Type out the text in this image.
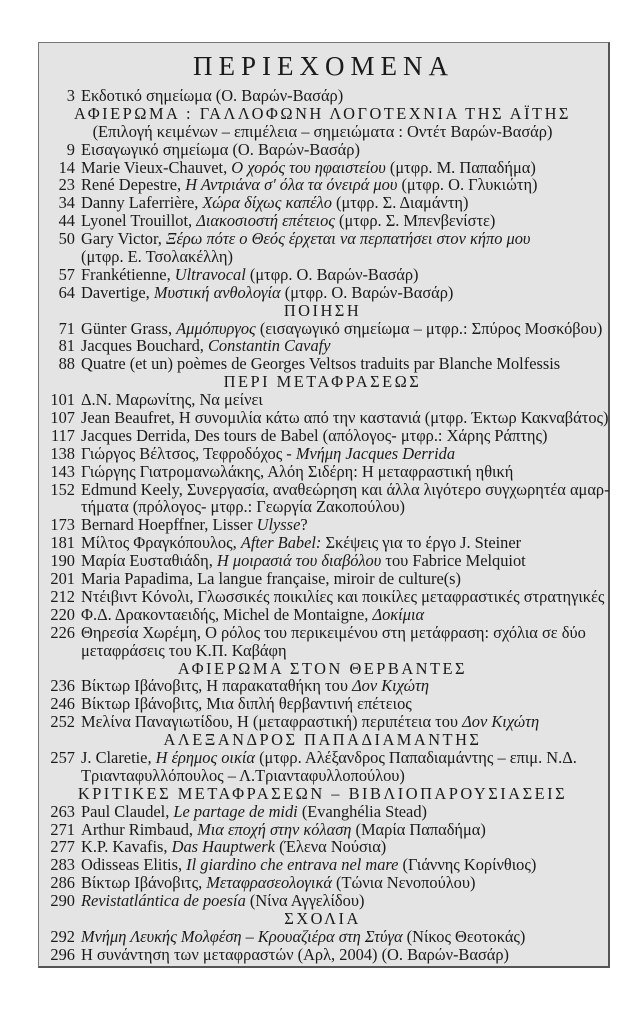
ΠΕΡΙΕΧΟΜΕΝΑ
3 Εκδοτικό σημείωμα (Ο. Βαρών-Βασάρ)
ΑΦΙΕΡΩΜΑ : ΓΑΛΛΟΦΩΝΗ ΛΟΓΟΤΕΧΝΙΑ ΤΗΣ ΑΪΤΗΣ
(Επιλογή κειμένων – επιμέλεια – σημειώματα : Οντέτ Βαρών-Βασάρ)
9 Εισαγωγικό σημείωμα (Ο. Βαρών-Βασάρ)
14 Marie Vieux-Chauvet, Ο χορός του ηφαιστείου (μτφρ. Μ. Παπαδήμα)
23 René Depestre, Η Αντριάνα σ' όλα τα όνειρά μου (μτφρ. Ο. Γλυκιώτη)
34 Danny Laferrière, Χώρα δίχως καπέλο (μτφρ. Σ. Διαμάντη)
44 Lyonel Trouillot, Διακοσιοστή επέτειος (μτφρ. Σ. Μπενβενίστε)
50 Gary Victor, Ξέρω πότε ο Θεός έρχεται να περπατήσει στον κήπο μου
(μτφρ. Ε. Τσολακέλλη)
57 Frankétienne, Ultravocal (μτφρ. Ο. Βαρών-Βασάρ)
64 Davertige, Μυστική ανθολογία (μτφρ. Ο. Βαρών-Βασάρ)
ΠΟΙΗΣΗ
71 Günter Grass, Αμμόπυργος (εισαγωγικό σημείωμα – μτφρ.: Σπύρος Μοσκόβου)
81 Jacques Bouchard, Constantin Cavafy
88 Quatre (et un) poèmes de Georges Veltsos traduits par Blanche Molfessis
ΠΕΡΙ ΜΕΤΑΦΡΑΣΕΩΣ
101 Δ.Ν. Μαρωνίτης, Να μείνει
107 Jean Beaufret, Η συνομιλία κάτω από την καστανιά (μτφρ. Έκτωρ Κακναβάτος)
117 Jacques Derrida, Des tours de Babel (απόλογος- μτφρ.: Χάρης Ράπτης)
138 Γιώργος Βέλτσος, Τεφροδόχος - Μνήμη Jacques Derrida
143 Γιώργης Γιατρομανωλάκης, Αλόη Σιδέρη: Η μεταφραστική ηθική
152 Edmund Keely, Συνεργασία, αναθεώρηση και άλλα λιγότερο συγχωρητέα αμαρ-
τήματα (πρόλογος- μτφρ.: Γεωργία Ζακοπούλου)
173 Bernard Hoepffner, Lisser Ulysse?
181 Μίλτος Φραγκόπουλος, After Babel: Σκέψεις για το έργο J. Steiner
190 Μαρία Ευσταθιάδη, Η μοιρασιά του διαβόλου του Fabrice Melquiot
201 Maria Papadima, La langue française, miroir de culture(s)
212 Ντέιβιντ Κόνολι, Γλωσσικές ποικιλίες και ποικίλες μεταφραστικές στρατηγικές
220 Φ.Δ. Δρακονταειδής, Michel de Montaigne, Δοκίμια
226 Θηρεσία Χωρέμη, Ο ρόλος του περικειμένου στη μετάφραση: σχόλια σε δύο
μεταφράσεις του Κ.Π. Καβάφη
ΑΦΙΕΡΩΜΑ ΣΤΟΝ ΘΕΡΒΑΝΤΕΣ
236 Βίκτωρ Ιβάνοβιτς, Η παρακαταθήκη του Δον Κιχώτη
246 Βίκτωρ Ιβάνοβιτς, Μια διπλή θερβαντινή επέτειος
252 Μελίνα Παναγιωτίδου, Η (μεταφραστική) περιπέτεια του Δον Κιχώτη
ΑΛΕΞΑΝΔΡΟΣ ΠΑΠΑΔΙΑΜΑΝΤΗΣ
257 J. Claretie, Η έρημος οικία (μτφρ. Αλέξανδρος Παπαδιαμάντης – επιμ. Ν.Δ.
Τριανταφυλλόπουλος – Λ.Τριανταφυλλοπούλου)
ΚΡΙΤΙΚΕΣ ΜΕΤΑΦΡΑΣΕΩΝ – ΒΙΒΛΙΟΠΑΡΟΥΣΙΑΣΕΙΣ
263 Paul Claudel, Le partage de midi (Evanghélia Stead)
271 Arthur Rimbaud, Μια εποχή στην κόλαση (Μαρία Παπαδήμα)
277 K.P. Kavafis, Das Hauptwerk (Έλενα Νούσια)
283 Odisseas Elitis, Il giardino che entrava nel mare (Γιάννης Κορίνθιος)
286 Βίκτωρ Ιβάνοβιτς, Μεταφρασεολογικά (Τώνια Νενοπούλου)
290 Revistatlántica de poesía (Νίνα Αγγελίδου)
ΣΧΟΛΙΑ
292 Μνήμη Λευκής Μολφέση – Κρουαζιέρα στη Στύγα (Νίκος Θεοτοκάς)
296 Η συνάντηση των μεταφραστών (Αρλ, 2004) (Ο. Βαρών-Βασάρ)
